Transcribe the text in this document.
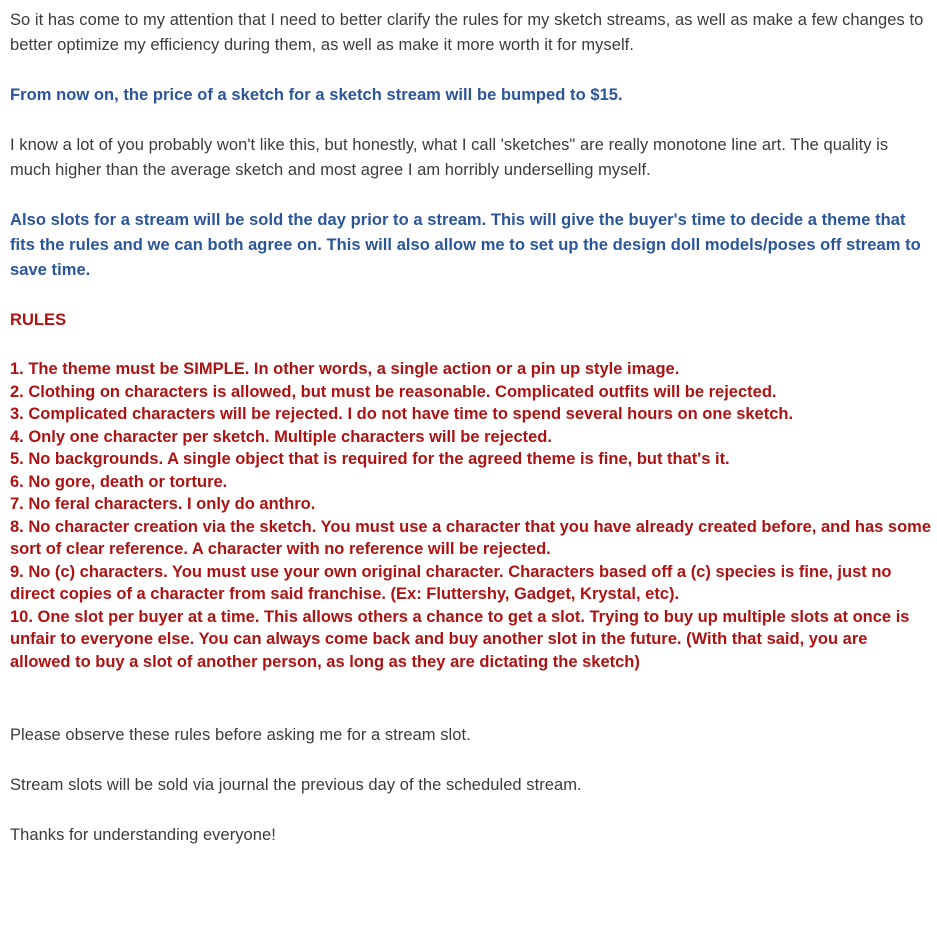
So it has come to my attention that I need to better clarify the rules for my sketch streams, as well as make a few changes to better optimize my efficiency during them, as well as make it more worth it for myself.

From now on, the price of a sketch for a sketch stream will be bumped to $15.

I know a lot of you probably won't like this, but honestly, what I call 'sketches" are really monotone line art. The quality is much higher than the average sketch and most agree I am horribly underselling myself.

Also slots for a stream will be sold the day prior to a stream. This will give the buyer's time to decide a theme that fits the rules and we can both agree on. This will also allow me to set up the design doll models/poses off stream to save time.

RULES

1. The theme must be SIMPLE. In other words, a single action or a pin up style image.
2. Clothing on characters is allowed, but must be reasonable. Complicated outfits will be rejected.
3. Complicated characters will be rejected. I do not have time to spend several hours on one sketch.
4. Only one character per sketch. Multiple characters will be rejected.
5. No backgrounds. A single object that is required for the agreed theme is fine, but that's it.
6. No gore, death or torture.
7. No feral characters. I only do anthro.
8. No character creation via the sketch. You must use a character that you have already created before, and has some sort of clear reference. A character with no reference will be rejected.
9. No (c) characters. You must use your own original character. Characters based off a (c) species is fine, just no direct copies of a character from said franchise. (Ex: Fluttershy, Gadget, Krystal, etc).
10. One slot per buyer at a time. This allows others a chance to get a slot. Trying to buy up multiple slots at once is unfair to everyone else. You can always come back and buy another slot in the future. (With that said, you are allowed to buy a slot of another person, as long as they are dictating the sketch)

Please observe these rules before asking me for a stream slot.

Stream slots will be sold via journal the previous day of the scheduled stream.

Thanks for understanding everyone!
